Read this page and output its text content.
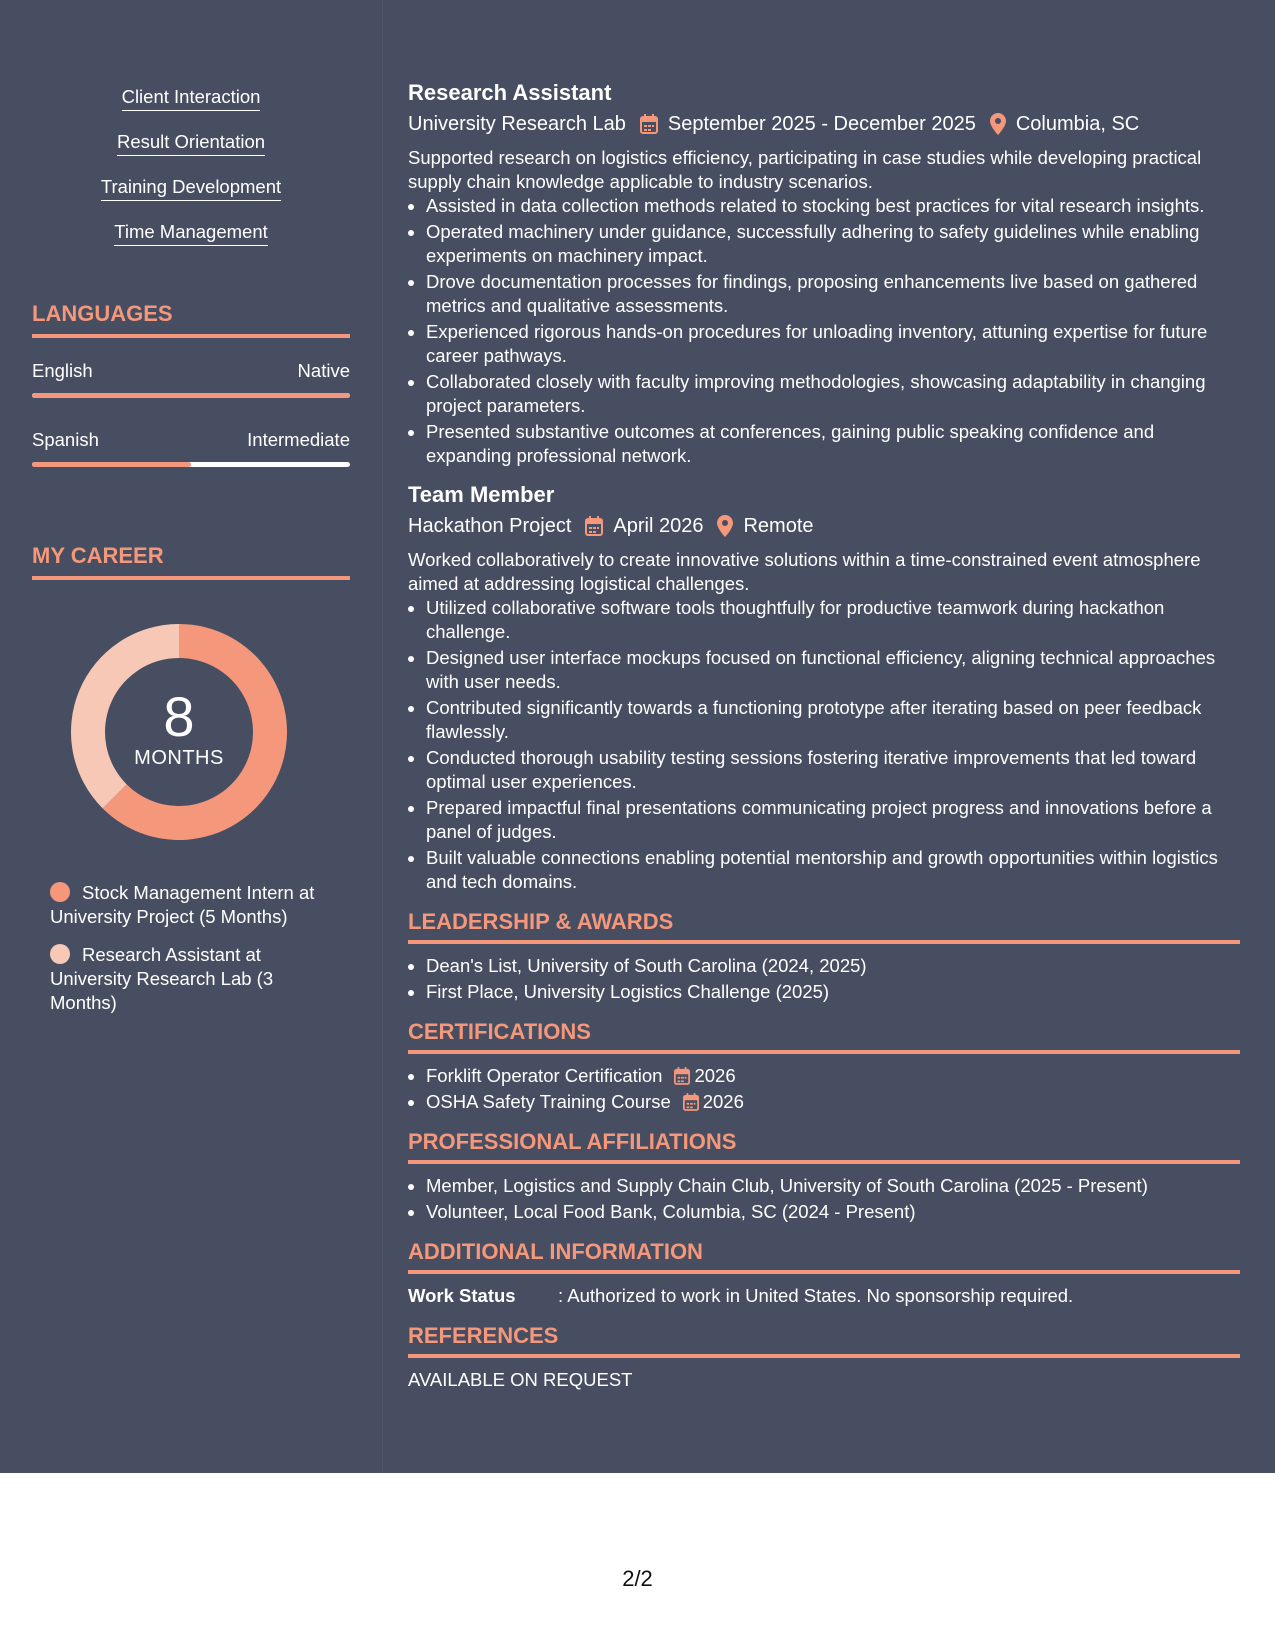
Client Interaction
Result Orientation
Training Development
Time Management
LANGUAGES
English	Native
Spanish	Intermediate
MY CAREER
8
MONTHS
Stock Management Intern at University Project (5 Months)
Research Assistant at University Research Lab (3 Months)
Research Assistant
University Research Lab September 2025 - December 2025 Columbia, SC
Supported research on logistics efficiency, participating in case studies while developing practical supply chain knowledge applicable to industry scenarios.
• Assisted in data collection methods related to stocking best practices for vital research insights.
• Operated machinery under guidance, successfully adhering to safety guidelines while enabling experiments on machinery impact.
• Drove documentation processes for findings, proposing enhancements live based on gathered metrics and qualitative assessments.
• Experienced rigorous hands-on procedures for unloading inventory, attuning expertise for future career pathways.
• Collaborated closely with faculty improving methodologies, showcasing adaptability in changing project parameters.
• Presented substantive outcomes at conferences, gaining public speaking confidence and expanding professional network.
Team Member
Hackathon Project April 2026 Remote
Worked collaboratively to create innovative solutions within a time-constrained event atmosphere aimed at addressing logistical challenges.
• Utilized collaborative software tools thoughtfully for productive teamwork during hackathon challenge.
• Designed user interface mockups focused on functional efficiency, aligning technical approaches with user needs.
• Contributed significantly towards a functioning prototype after iterating based on peer feedback flawlessly.
• Conducted thorough usability testing sessions fostering iterative improvements that led toward optimal user experiences.
• Prepared impactful final presentations communicating project progress and innovations before a panel of judges.
• Built valuable connections enabling potential mentorship and growth opportunities within logistics and tech domains.
LEADERSHIP & AWARDS
• Dean's List, University of South Carolina (2024, 2025)
• First Place, University Logistics Challenge (2025)
CERTIFICATIONS
• Forklift Operator Certification 2026
• OSHA Safety Training Course 2026
PROFESSIONAL AFFILIATIONS
• Member, Logistics and Supply Chain Club, University of South Carolina (2025 - Present)
• Volunteer, Local Food Bank, Columbia, SC (2024 - Present)
ADDITIONAL INFORMATION
Work Status	: Authorized to work in United States. No sponsorship required.
REFERENCES
AVAILABLE ON REQUEST
2/2
